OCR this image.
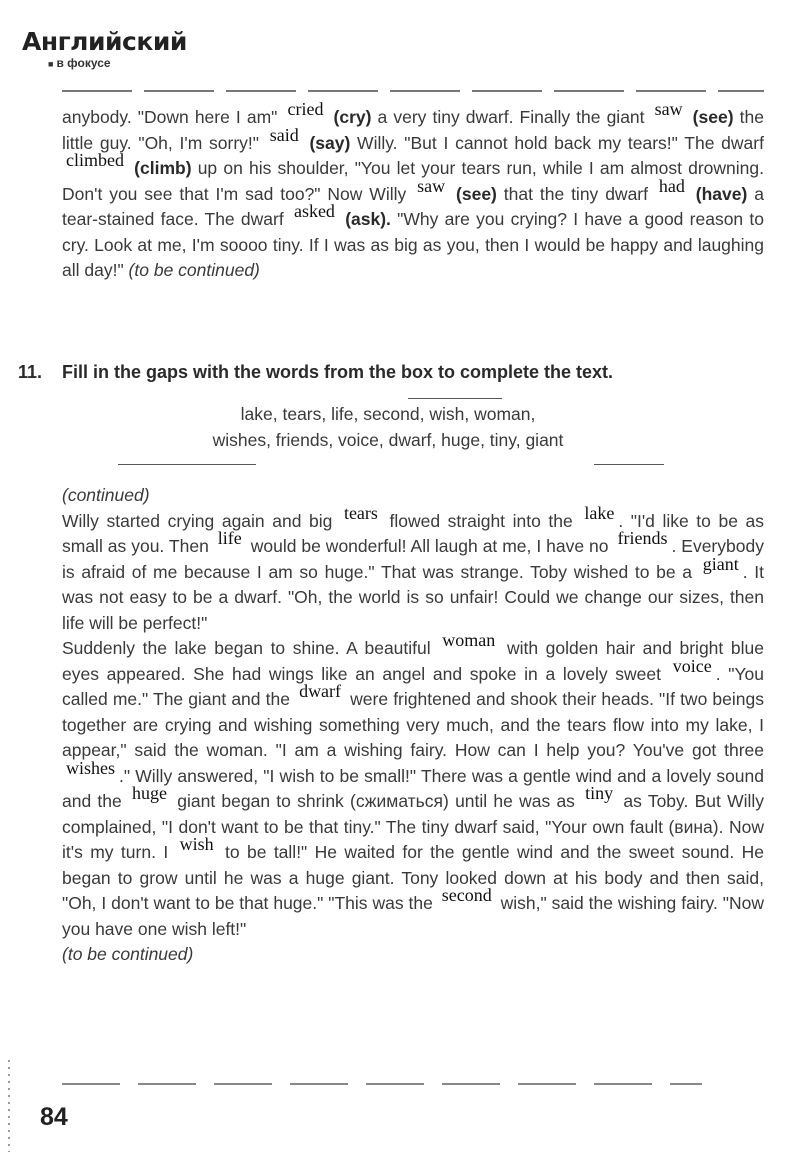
Английский
■ в фокусе

anybody. "Down here I am" cried (cry) a very tiny dwarf. Finally the giant saw (see) the little guy. "Oh, I'm sorry!" said (say) Willy. "But I cannot hold back my tears!" The dwarf climbed (climb) up on his shoulder, "You let your tears run, while I am almost drowning. Don't you see that I'm sad too?" Now Willy saw (see) that the tiny dwarf had (have) a tear-stained face. The dwarf asked (ask). "Why are you crying? I have a good reason to cry. Look at me, I'm soooo tiny. If I was as big as you, then I would be happy and laughing all day!" (to be continued)

11. Fill in the gaps with the words from the box to complete the text.
lake, tears, life, second, wish, woman,
wishes, friends, voice, dwarf, huge, tiny, giant

(continued)
Willy started crying again and big tears flowed straight into the lake . "I'd like to be as small as you. Then life would be wonderful! All laugh at me, I have no friends . Everybody is afraid of me because I am so huge." That was strange. Toby wished to be a giant . It was not easy to be a dwarf. "Oh, the world is so unfair! Could we change our sizes, then life will be perfect!"

Suddenly the lake began to shine. A beautiful woman with golden hair and bright blue eyes appeared. She had wings like an angel and spoke in a lovely sweet voice . "You called me." The giant and the dwarf were frightened and shook their heads. "If two beings together are crying and wishing something very much, and the tears flow into my lake, I appear," said the woman. "I am a wishing fairy. How can I help you? You've got three wishes ." Willy answered, "I wish to be small!" There was a gentle wind and a lovely sound and the huge giant began to shrink (сжиматься) until he was as tiny as Toby. But Willy complained, "I don't want to be that tiny." The tiny dwarf said, "Your own fault (вина). Now it's my turn. I wish to be tall!" He waited for the gentle wind and the sweet sound. He began to grow until he was a huge giant. Tony looked down at his body and then said, "Oh, I don't want to be that huge." "This was the second wish," said the wishing fairy. "Now you have one wish left!"
(to be continued)

84
